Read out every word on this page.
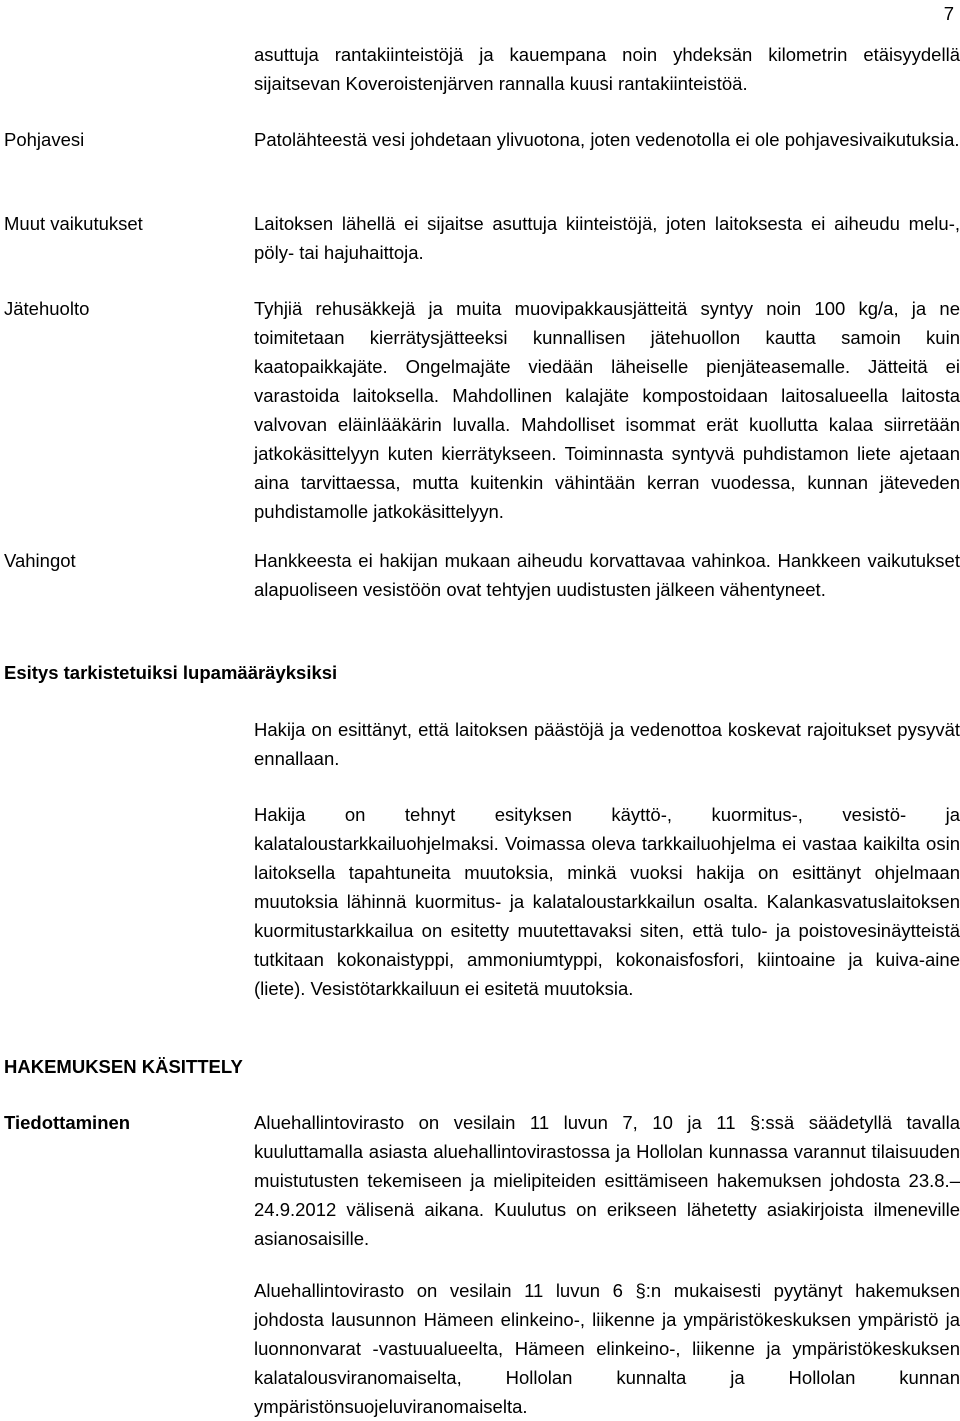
7

asuttuja rantakiinteistöjä ja kauempana noin yhdeksän kilometrin etäisyydellä sijaitsevan Koveroistenjärven rannalla kuusi rantakiinteistöä.

Pohjavesi	Patolähteestä vesi johdetaan ylivuotona, joten vedenotolla ei ole pohjavesivaikutuksia.

Muut vaikutukset	Laitoksen lähellä ei sijaitse asuttuja kiinteistöjä, joten laitoksesta ei aiheudu melu-, pöly- tai hajuhaittoja.

Jätehuolto	Tyhjiä rehusäkkejä ja muita muovipakkausjätteitä syntyy noin 100 kg/a, ja ne toimitetaan kierrätysjätteeksi kunnallisen jätehuollon kautta samoin kuin kaatopaikkajäte. Ongelmajäte viedään läheiselle pienjäteasemalle. Jätteitä ei varastoida laitoksella. Mahdollinen kalajäte kompostoidaan laitosalueella laitosta valvovan eläinlääkärin luvalla. Mahdolliset isommat erät kuollutta kalaa siirretään jatkokäsittelyyn kuten kierrätykseen. Toiminnasta syntyvä puhdistamon liete ajetaan aina tarvittaessa, mutta kuitenkin vähintään kerran vuodessa, kunnan jäteveden puhdistamolle jatkokäsittelyyn.

Vahingot	Hankkeesta ei hakijan mukaan aiheudu korvattavaa vahinkoa. Hankkeen vaikutukset alapuoliseen vesistöön ovat tehtyjen uudistusten jälkeen vähentyneet.

Esitys tarkistetuiksi lupamääräyksiksi

Hakija on esittänyt, että laitoksen päästöjä ja vedenottoa koskevat rajoitukset pysyvät ennallaan.

Hakija on tehnyt esityksen käyttö-, kuormitus-, vesistö- ja kalataloustarkkailuohjelmaksi. Voimassa oleva tarkkailuohjelma ei vastaa kaikilta osin laitoksella tapahtuneita muutoksia, minkä vuoksi hakija on esittänyt ohjelmaan muutoksia lähinnä kuormitus- ja kalataloustarkkailun osalta. Kalankasvatuslaitoksen kuormitustarkkailua on esitetty muutettavaksi siten, että tulo- ja poistovesinäytteistä tutkitaan kokonaistyppi, ammoniumtyppi, kokonaisfosfori, kiintoaine ja kuiva-aine (liete). Vesistötarkkailuun ei esitetä muutoksia.

HAKEMUKSEN KÄSITTELY

Tiedottaminen	Aluehallintovirasto on vesilain 11 luvun 7, 10 ja 11 §:ssä säädetyllä tavalla kuuluttamalla asiasta aluehallintovirastossa ja Hollolan kunnassa varannut tilaisuuden muistutusten tekemiseen ja mielipiteiden esittämiseen hakemuksen johdosta 23.8.–24.9.2012 välisenä aikana. Kuulutus on erikseen lähetetty asiakirjoista ilmeneville asianosaisille.

Aluehallintovirasto on vesilain 11 luvun 6 §:n mukaisesti pyytänyt hakemuksen johdosta lausunnon Hämeen elinkeino-, liikenne ja ympäristökeskuksen ympäristö ja luonnonvarat -vastuualueelta, Hämeen elinkeino-, liikenne ja ympäristökeskuksen kalatalousviranomaiselta, Hollolan kunnalta ja Hollolan kunnan ympäristönsuojeluviranomaiselta.
